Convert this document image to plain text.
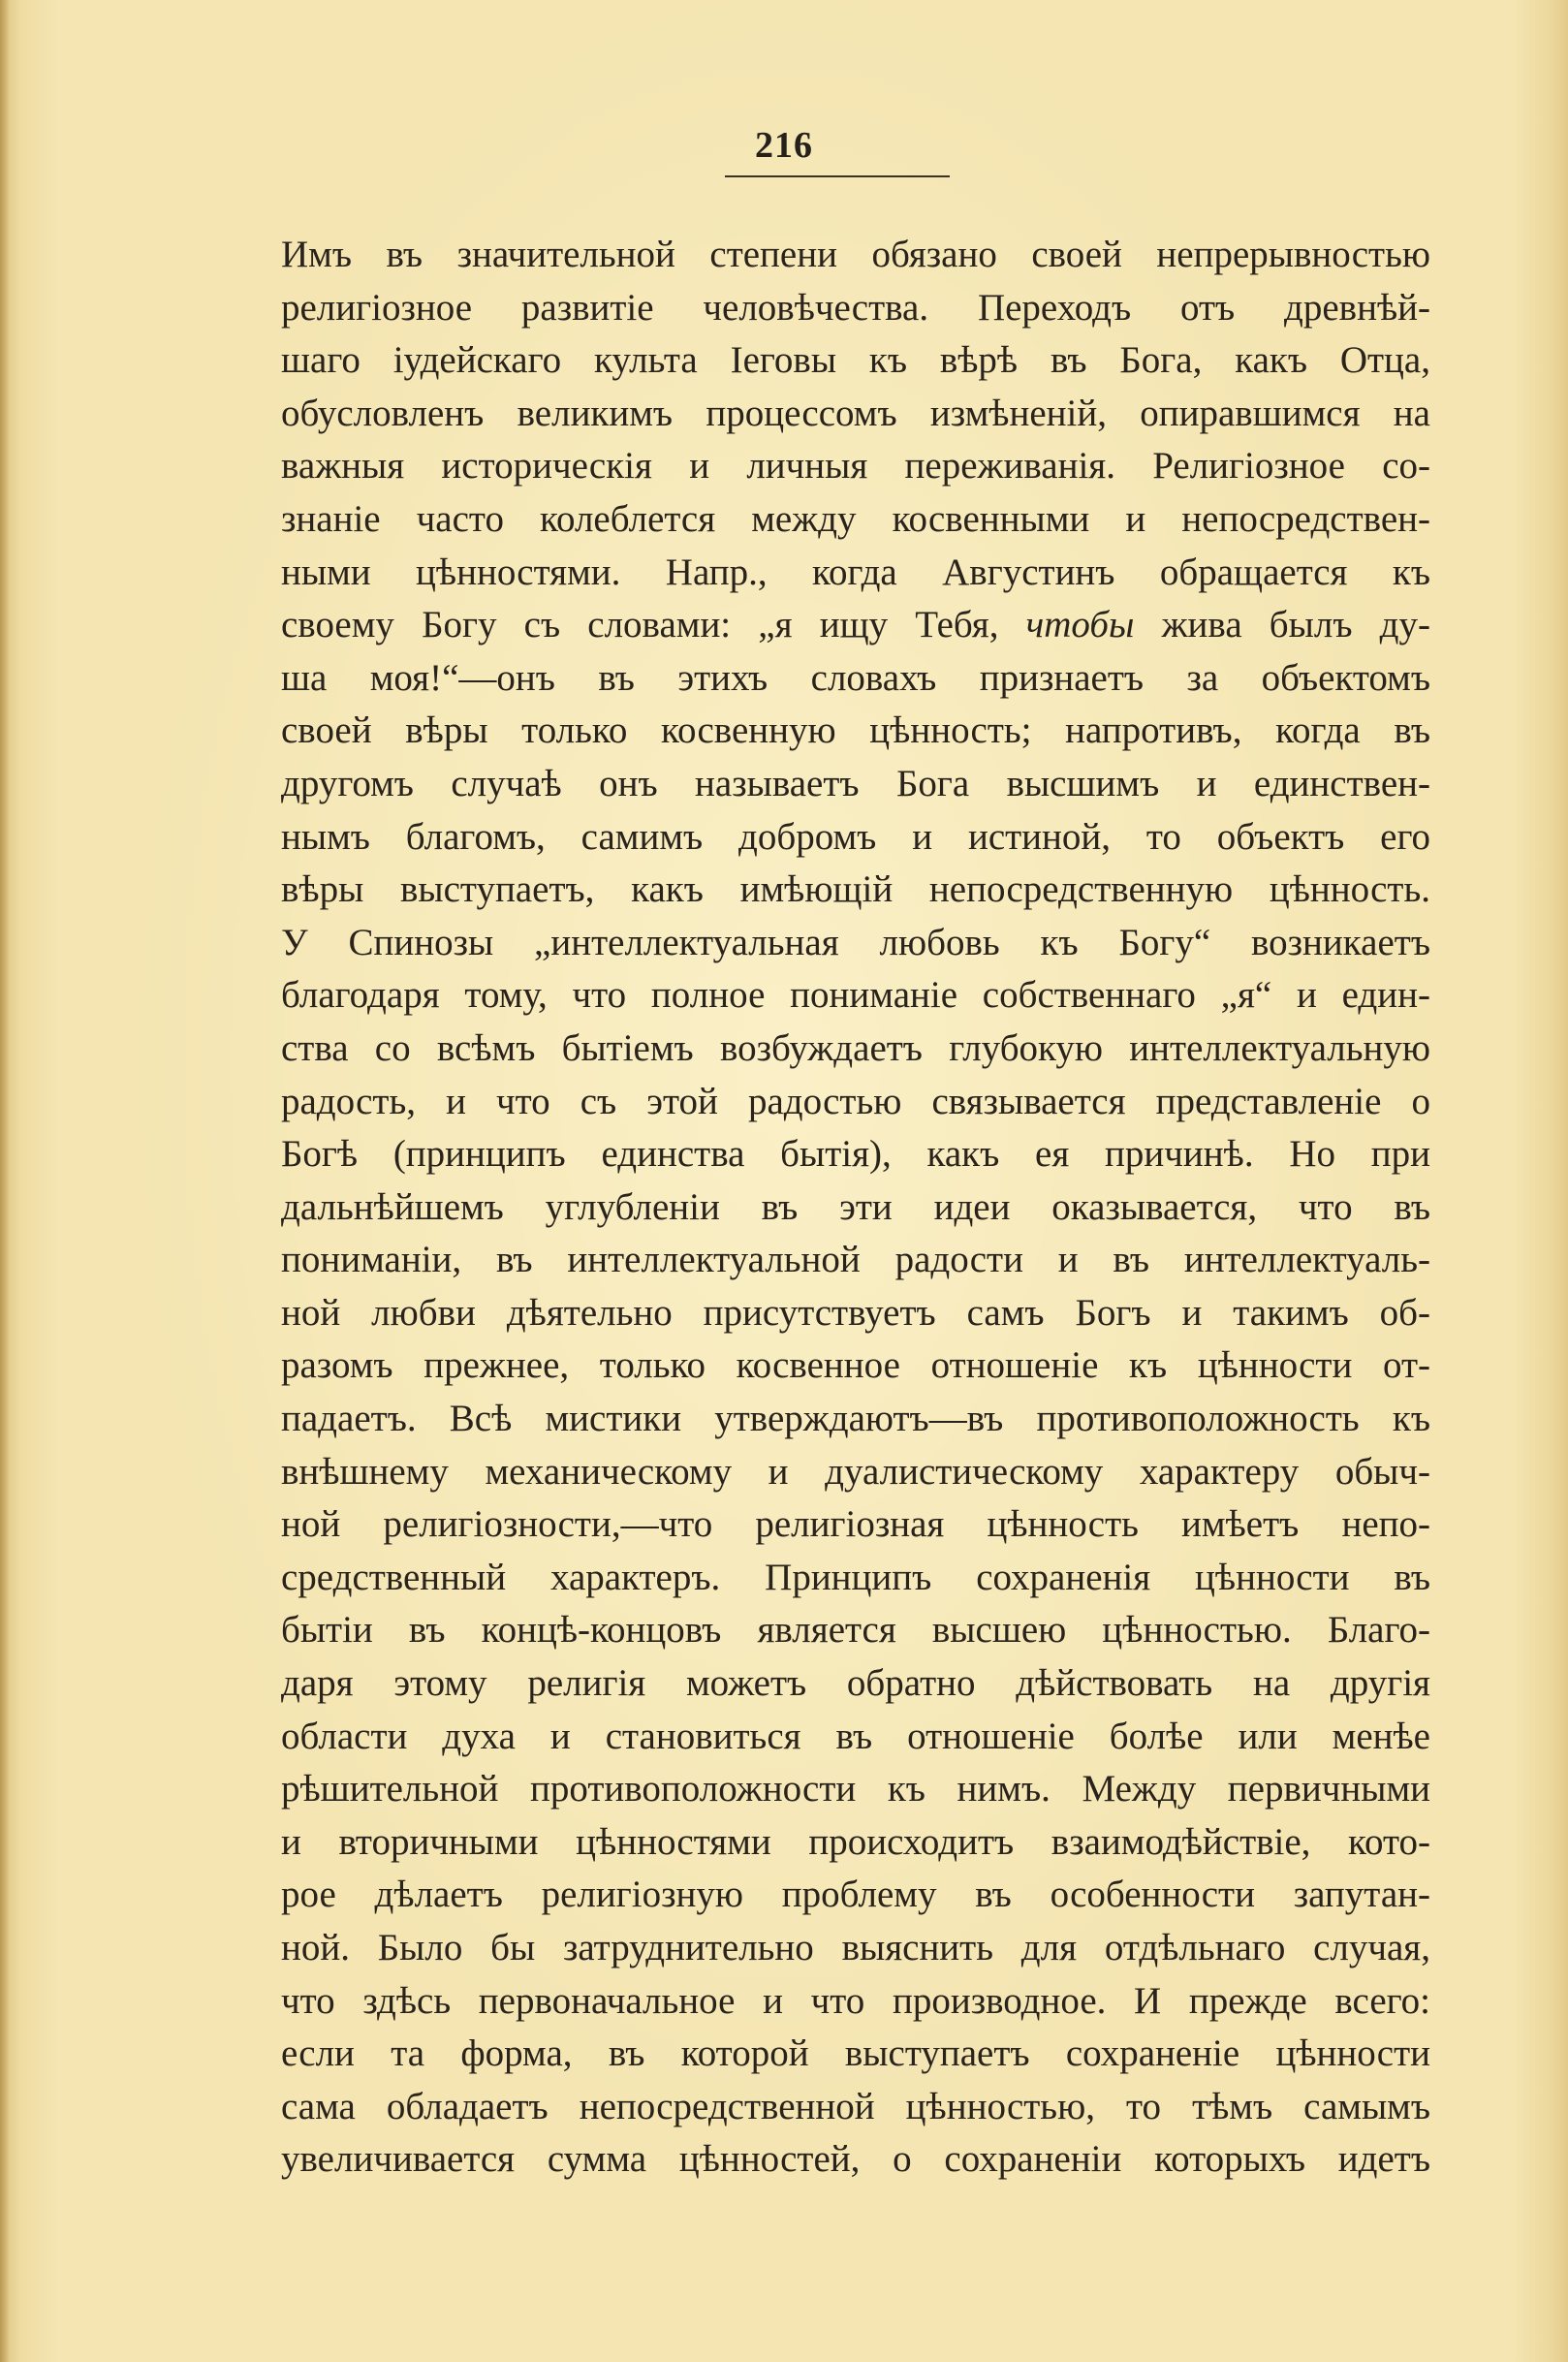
216
Имъ въ значительной степени обязано своей непрерывностью
религіозное развитіе человѣчества. Переходъ отъ древнѣй-
шаго іудейскаго культа Іеговы къ вѣрѣ въ Бога, какъ Отца,
обусловленъ великимъ процессомъ измѣненій, опиравшимся на
важныя историческія и личныя переживанія. Религіозное со-
знаніе часто колеблется между косвенными и непосредствен-
ными цѣнностями. Напр., когда Августинъ обращается къ
своему Богу съ словами: „я ищу Тебя, чтобы жива былъ ду-
ша моя!“—онъ въ этихъ словахъ признаетъ за объектомъ
своей вѣры только косвенную цѣнность; напротивъ, когда въ
другомъ случаѣ онъ называетъ Бога высшимъ и единствен-
нымъ благомъ, самимъ добромъ и истиной, то объектъ его
вѣры выступаетъ, какъ имѣющій непосредственную цѣнность.
У Спинозы „интеллектуальная любовь къ Богу“ возникаетъ
благодаря тому, что полное пониманіе собственнаго „я“ и един-
ства со всѣмъ бытіемъ возбуждаетъ глубокую интеллектуальную
радость, и что съ этой радостью связывается представленіе о
Богѣ (принципъ единства бытія), какъ ея причинѣ. Но при
дальнѣйшемъ углубленіи въ эти идеи оказывается, что въ
пониманіи, въ интеллектуальной радости и въ интеллектуаль-
ной любви дѣятельно присутствуетъ самъ Богъ и такимъ об-
разомъ прежнее, только косвенное отношеніе къ цѣнности от-
падаетъ. Всѣ мистики утверждаютъ—въ противоположность къ
внѣшнему механическому и дуалистическому характеру обыч-
ной религіозности,—что религіозная цѣнность имѣетъ непо-
средственный характеръ. Принципъ сохраненія цѣнности въ
бытіи въ концѣ-концовъ является высшею цѣнностью. Благо-
даря этому религія можетъ обратно дѣйствовать на другія
области духа и становиться въ отношеніе болѣе или менѣе
рѣшительной противоположности къ нимъ. Между первичными
и вторичными цѣнностями происходитъ взаимодѣйствіе, кото-
рое дѣлаетъ религіозную проблему въ особенности запутан-
ной. Было бы затруднительно выяснить для отдѣльнаго случая,
что здѣсь первоначальное и что производное. И прежде всего:
если та форма, въ которой выступаетъ сохраненіе цѣнности
сама обладаетъ непосредственной цѣнностью, то тѣмъ самымъ
увеличивается сумма цѣнностей, о сохраненіи которыхъ идетъ
